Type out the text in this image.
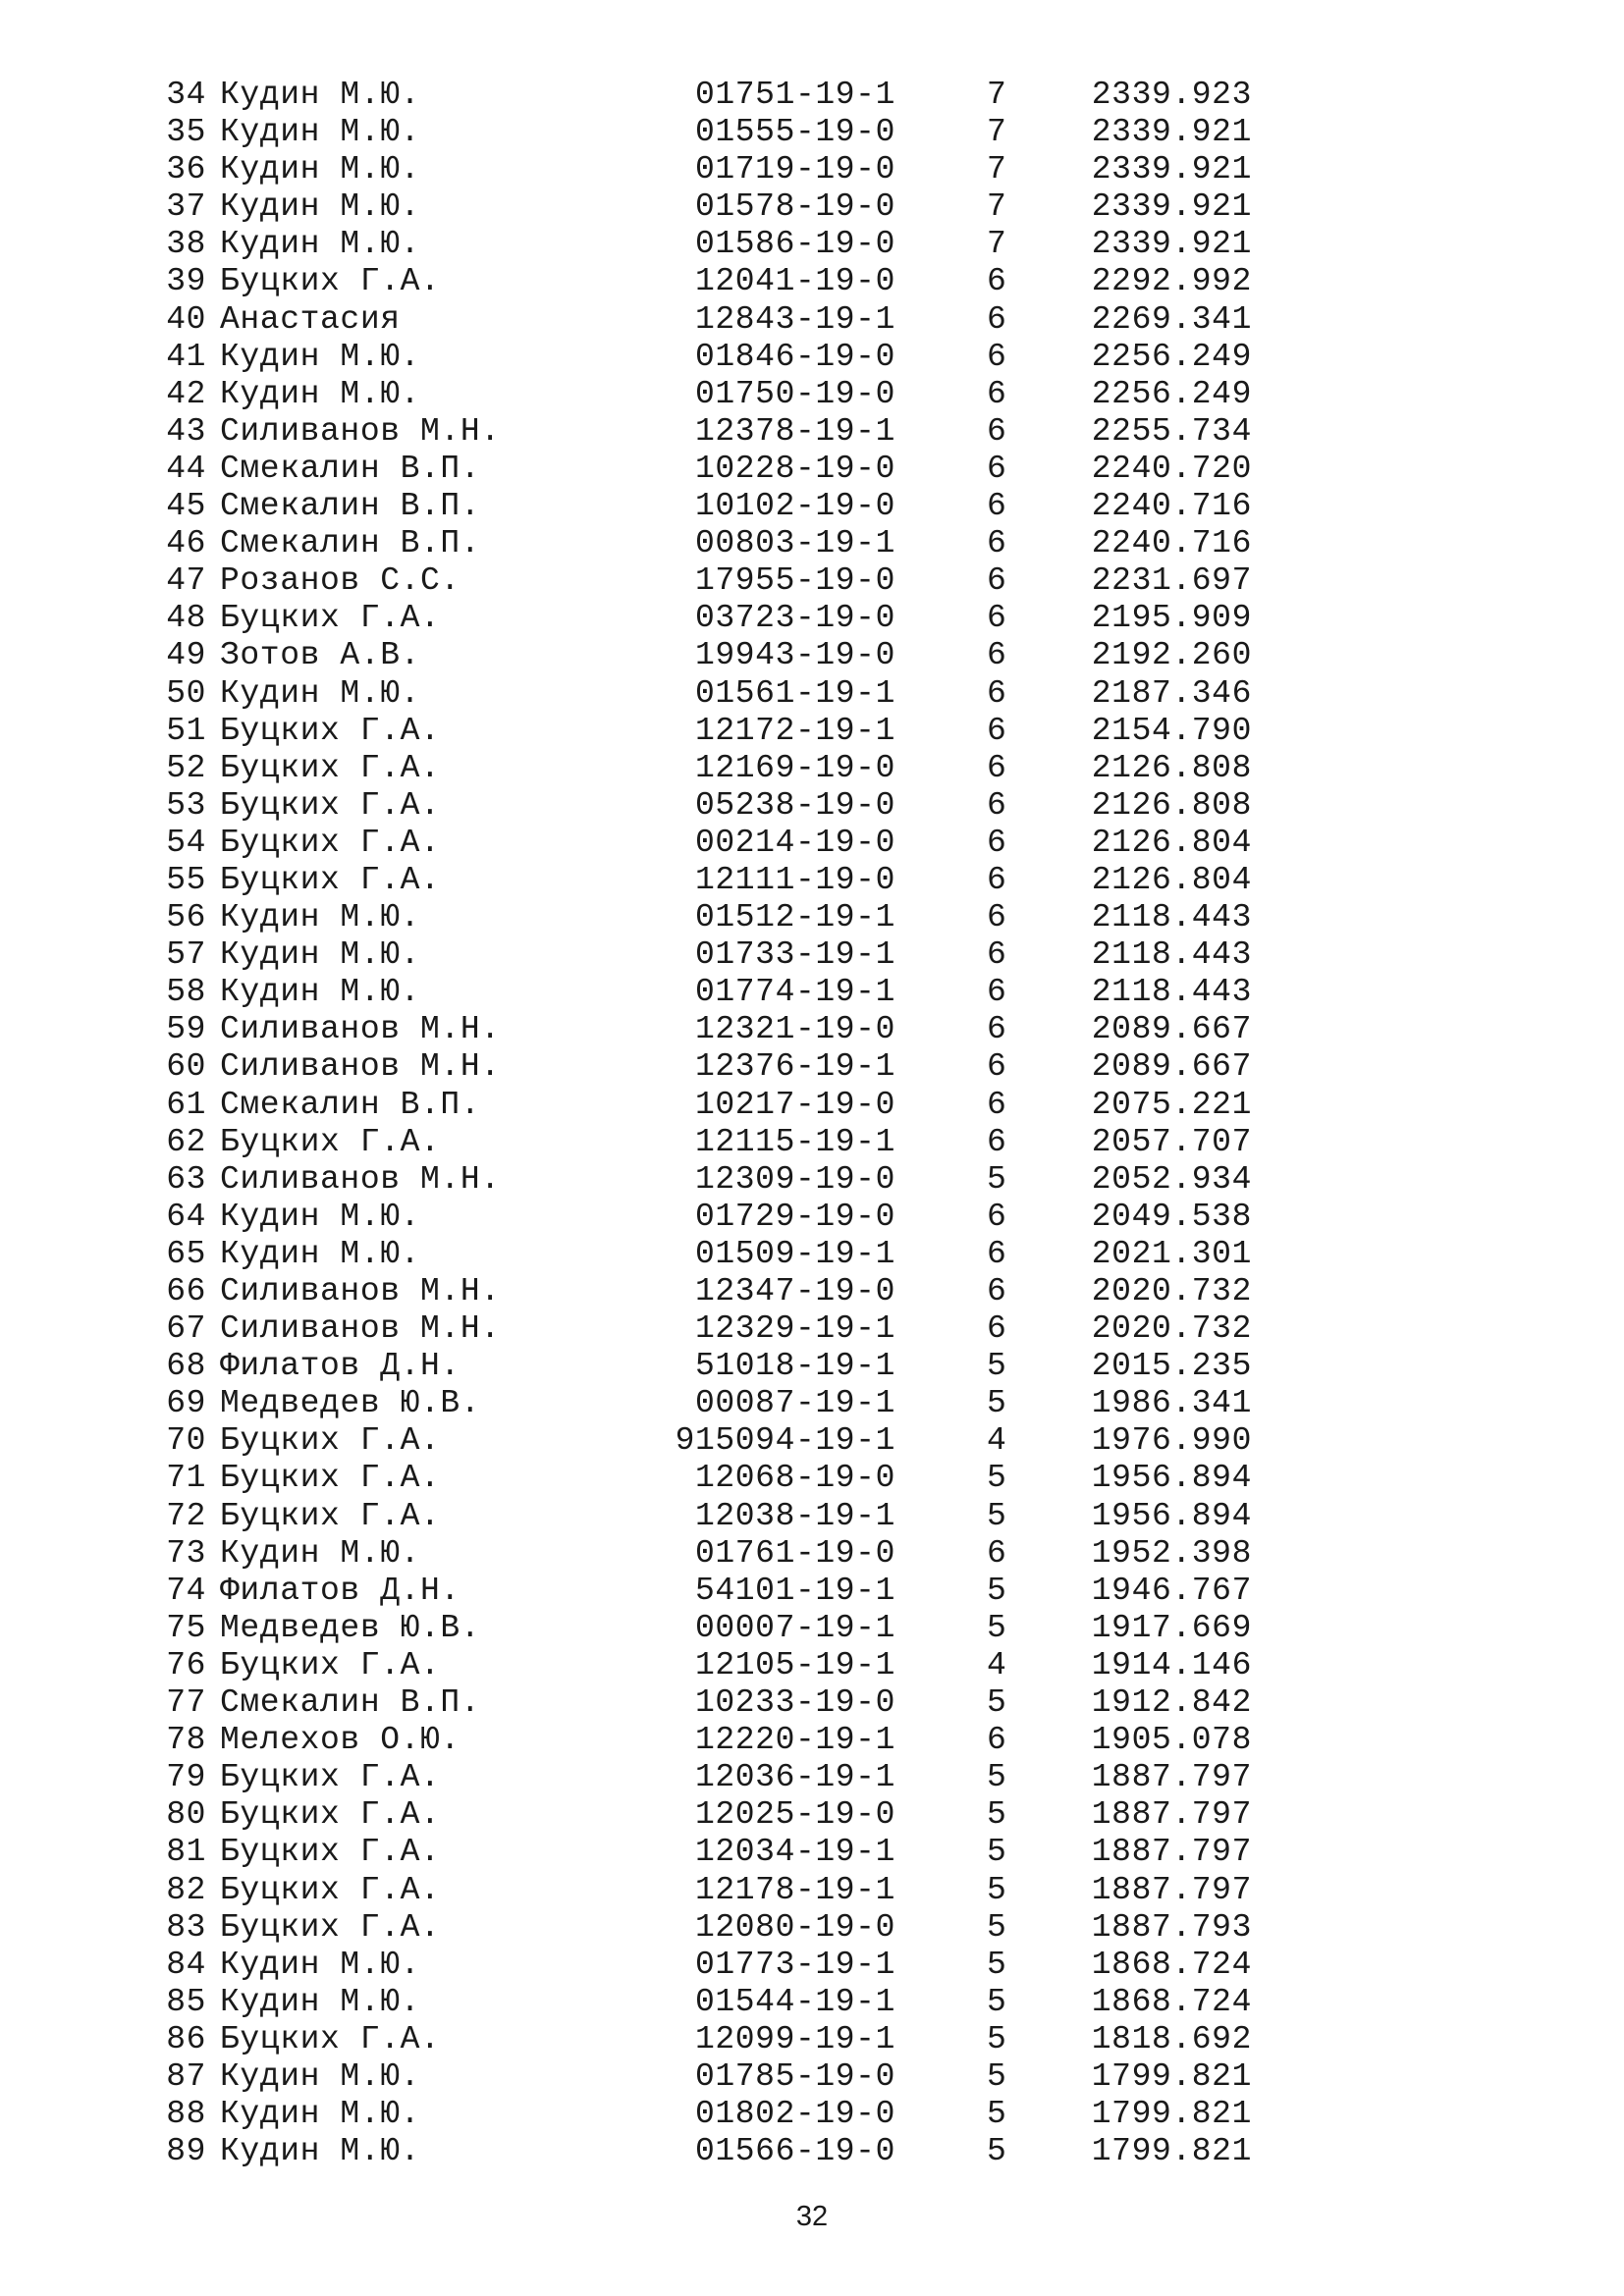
34 Кудин М.Ю.	01751-19-1	7	2339.923
35 Кудин М.Ю.	01555-19-0	7	2339.921
36 Кудин М.Ю.	01719-19-0	7	2339.921
37 Кудин М.Ю.	01578-19-0	7	2339.921
38 Кудин М.Ю.	01586-19-0	7	2339.921
39 Буцких Г.А.	12041-19-0	6	2292.992
40 Анастасия	12843-19-1	6	2269.341
41 Кудин М.Ю.	01846-19-0	6	2256.249
42 Кудин М.Ю.	01750-19-0	6	2256.249
43 Силиванов М.Н.	12378-19-1	6	2255.734
44 Смекалин В.П.	10228-19-0	6	2240.720
45 Смекалин В.П.	10102-19-0	6	2240.716
46 Смекалин В.П.	00803-19-1	6	2240.716
47 Розанов С.С.	17955-19-0	6	2231.697
48 Буцких Г.А.	03723-19-0	6	2195.909
49 Зотов А.В.	19943-19-0	6	2192.260
50 Кудин М.Ю.	01561-19-1	6	2187.346
51 Буцких Г.А.	12172-19-1	6	2154.790
52 Буцких Г.А.	12169-19-0	6	2126.808
53 Буцких Г.А.	05238-19-0	6	2126.808
54 Буцких Г.А.	00214-19-0	6	2126.804
55 Буцких Г.А.	12111-19-0	6	2126.804
56 Кудин М.Ю.	01512-19-1	6	2118.443
57 Кудин М.Ю.	01733-19-1	6	2118.443
58 Кудин М.Ю.	01774-19-1	6	2118.443
59 Силиванов М.Н.	12321-19-0	6	2089.667
60 Силиванов М.Н.	12376-19-1	6	2089.667
61 Смекалин В.П.	10217-19-0	6	2075.221
62 Буцких Г.А.	12115-19-1	6	2057.707
63 Силиванов М.Н.	12309-19-0	5	2052.934
64 Кудин М.Ю.	01729-19-0	6	2049.538
65 Кудин М.Ю.	01509-19-1	6	2021.301
66 Силиванов М.Н.	12347-19-0	6	2020.732
67 Силиванов М.Н.	12329-19-1	6	2020.732
68 Филатов Д.Н.	51018-19-1	5	2015.235
69 Медведев Ю.В.	00087-19-1	5	1986.341
70 Буцких Г.А.	915094-19-1	4	1976.990
71 Буцких Г.А.	12068-19-0	5	1956.894
72 Буцких Г.А.	12038-19-1	5	1956.894
73 Кудин М.Ю.	01761-19-0	6	1952.398
74 Филатов Д.Н.	54101-19-1	5	1946.767
75 Медведев Ю.В.	00007-19-1	5	1917.669
76 Буцких Г.А.	12105-19-1	4	1914.146
77 Смекалин В.П.	10233-19-0	5	1912.842
78 Мелехов О.Ю.	12220-19-1	6	1905.078
79 Буцких Г.А.	12036-19-1	5	1887.797
80 Буцких Г.А.	12025-19-0	5	1887.797
81 Буцких Г.А.	12034-19-1	5	1887.797
82 Буцких Г.А.	12178-19-1	5	1887.797
83 Буцких Г.А.	12080-19-0	5	1887.793
84 Кудин М.Ю.	01773-19-1	5	1868.724
85 Кудин М.Ю.	01544-19-1	5	1868.724
86 Буцких Г.А.	12099-19-1	5	1818.692
87 Кудин М.Ю.	01785-19-0	5	1799.821
88 Кудин М.Ю.	01802-19-0	5	1799.821
89 Кудин М.Ю.	01566-19-0	5	1799.821
32
